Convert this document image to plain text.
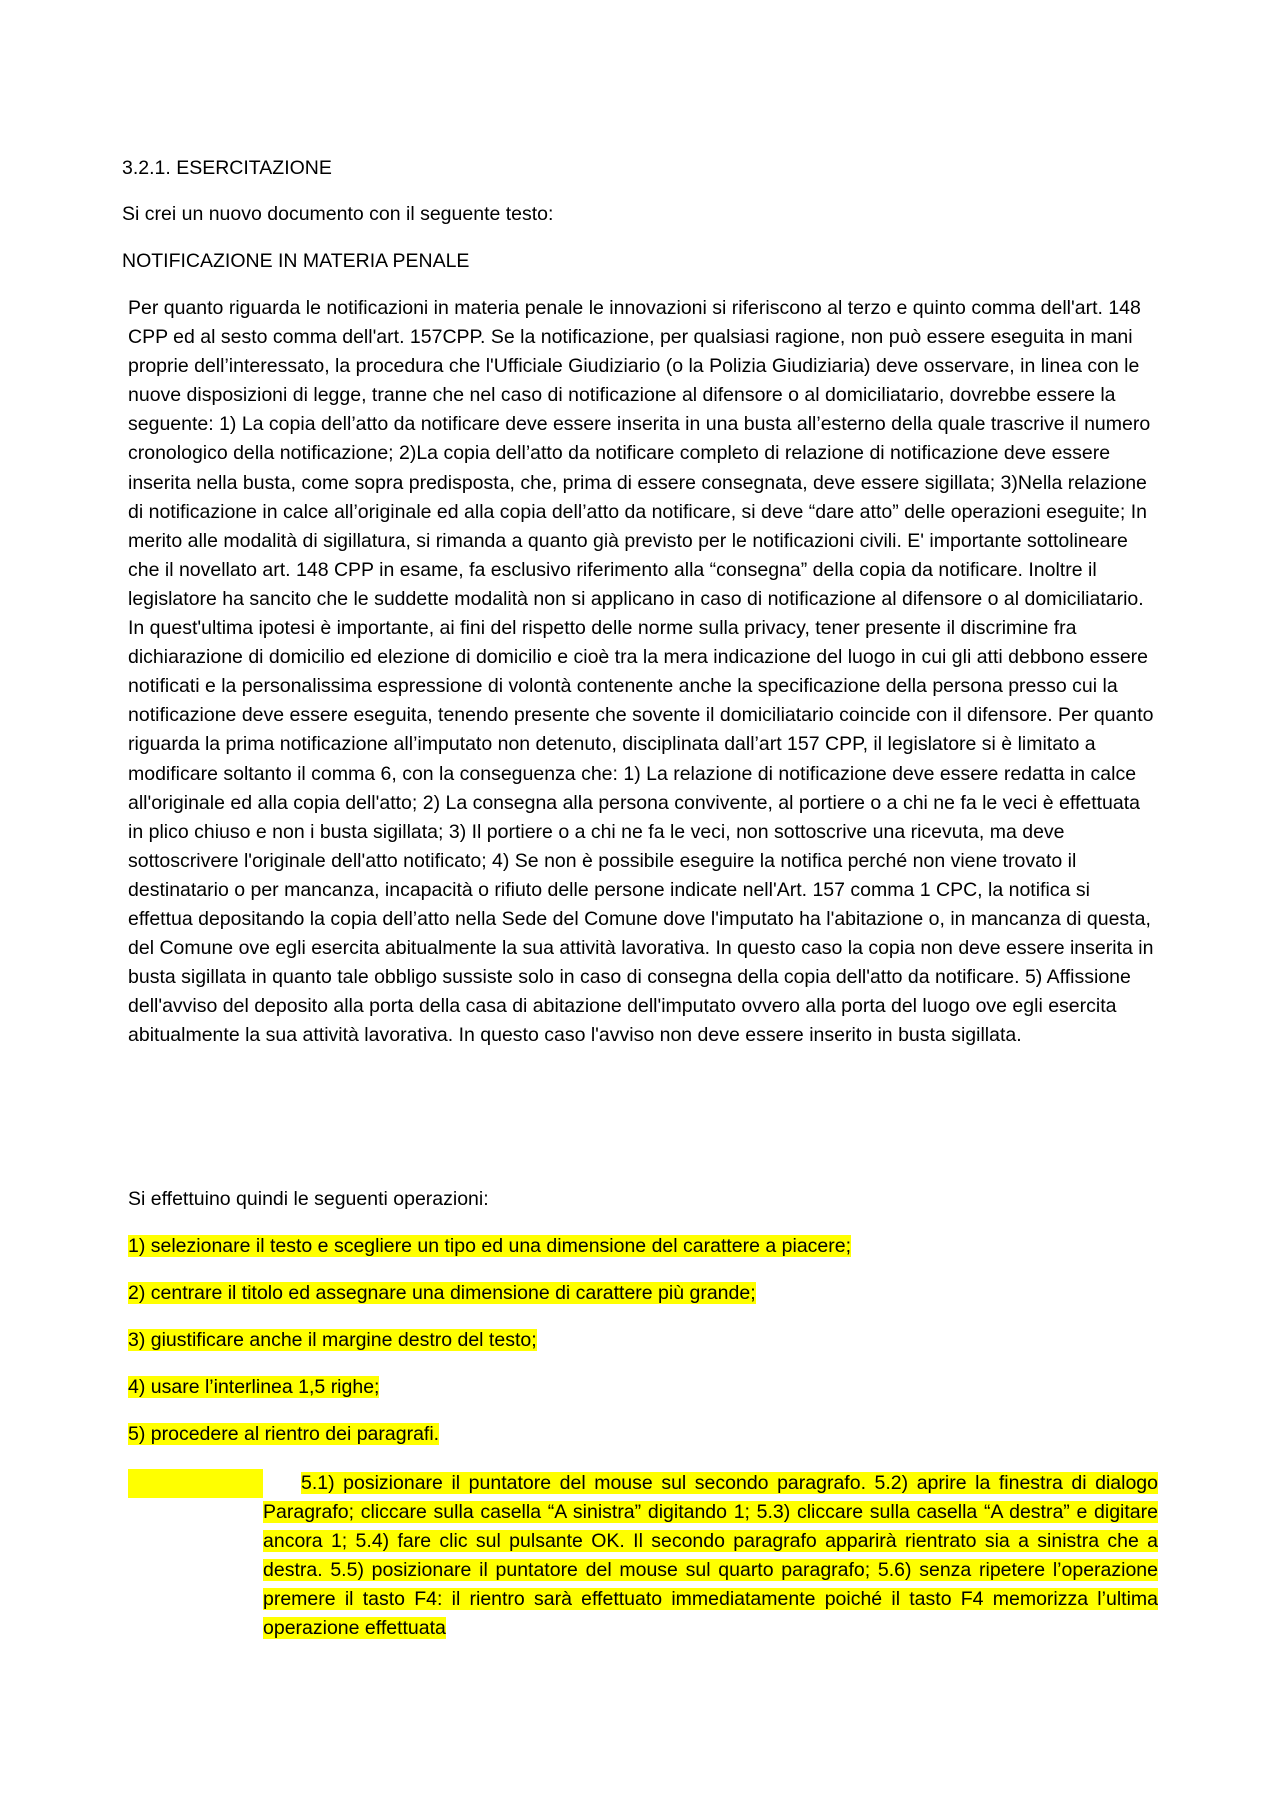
3.2.1. ESERCITAZIONE

Si crei un nuovo documento con il seguente testo:

NOTIFICAZIONE IN MATERIA PENALE

Per quanto riguarda le notificazioni in materia penale le innovazioni si riferiscono al terzo e quinto comma dell'art. 148 CPP ed al sesto comma dell'art. 157CPP. Se la notificazione, per qualsiasi ragione, non può essere eseguita in mani proprie dell’interessato, la procedura che l'Ufficiale Giudiziario (o la Polizia Giudiziaria) deve osservare, in linea con le nuove disposizioni di legge, tranne che nel caso di notificazione al difensore o al domiciliatario, dovrebbe essere la seguente: 1) La copia dell’atto da notificare deve essere inserita in una busta all’esterno della quale trascrive il numero cronologico della notificazione; 2)La copia dell’atto da notificare completo di relazione di notificazione deve essere inserita nella busta, come sopra predisposta, che, prima di essere consegnata, deve essere sigillata; 3)Nella relazione di notificazione in calce all’originale ed alla copia dell’atto da notificare, si deve “dare atto” delle operazioni eseguite; In merito alle modalità di sigillatura, si rimanda a quanto già previsto per le notificazioni civili. E' importante sottolineare che il novellato art. 148 CPP in esame, fa esclusivo riferimento alla “consegna” della copia da notificare. Inoltre il legislatore ha sancito che le suddette modalità non si applicano in caso di notificazione al difensore o al domiciliatario. In quest'ultima ipotesi è importante, ai fini del rispetto delle norme sulla privacy, tener presente il discrimine fra dichiarazione di domicilio ed elezione di domicilio e cioè tra la mera indicazione del luogo in cui gli atti debbono essere notificati e la personalissima espressione di volontà contenente anche la specificazione della persona presso cui la notificazione deve essere eseguita, tenendo presente che sovente il domiciliatario coincide con il difensore. Per quanto riguarda la prima notificazione all’imputato non detenuto, disciplinata dall’art 157 CPP, il legislatore si è limitato a modificare soltanto il comma 6, con la conseguenza che: 1) La relazione di notificazione deve essere redatta in calce all'originale ed alla copia dell'atto; 2) La consegna alla persona convivente, al portiere o a chi ne fa le veci è effettuata in plico chiuso e non i busta sigillata; 3) Il portiere o a chi ne fa le veci, non sottoscrive una ricevuta, ma deve sottoscrivere l'originale dell'atto notificato; 4) Se non è possibile eseguire la notifica perché non viene trovato il destinatario o per mancanza, incapacità o rifiuto delle persone indicate nell'Art. 157 comma 1 CPC, la notifica si effettua depositando la copia dell’atto nella Sede del Comune dove l'imputato ha l'abitazione o, in mancanza di questa, del Comune ove egli esercita abitualmente la sua attività lavorativa. In questo caso la copia non deve essere inserita in busta sigillata in quanto tale obbligo sussiste solo in caso di consegna della copia dell'atto da notificare. 5) Affissione dell'avviso del deposito alla porta della casa di abitazione dell'imputato ovvero alla porta del luogo ove egli esercita abitualmente la sua attività lavorativa. In questo caso l'avviso non deve essere inserito in busta sigillata.

Si effettuino quindi le seguenti operazioni:

1) selezionare il testo e scegliere un tipo ed una dimensione del carattere a piacere;

2) centrare il titolo ed assegnare una dimensione di carattere più grande;

3) giustificare anche il margine destro del testo;

4) usare l’interlinea 1,5 righe;

5) procedere al rientro dei paragrafi.

5.1) posizionare il puntatore del mouse sul secondo paragrafo. 5.2) aprire la finestra di dialogo Paragrafo; cliccare sulla casella “A sinistra” digitando 1; 5.3) cliccare sulla casella “A destra” e digitare ancora 1; 5.4) fare clic sul pulsante OK. Il secondo paragrafo apparirà rientrato sia a sinistra che a destra. 5.5) posizionare il puntatore del mouse sul quarto paragrafo; 5.6) senza ripetere l’operazione premere il tasto F4: il rientro sarà effettuato immediatamente poiché il tasto F4 memorizza l’ultima operazione effettuata
